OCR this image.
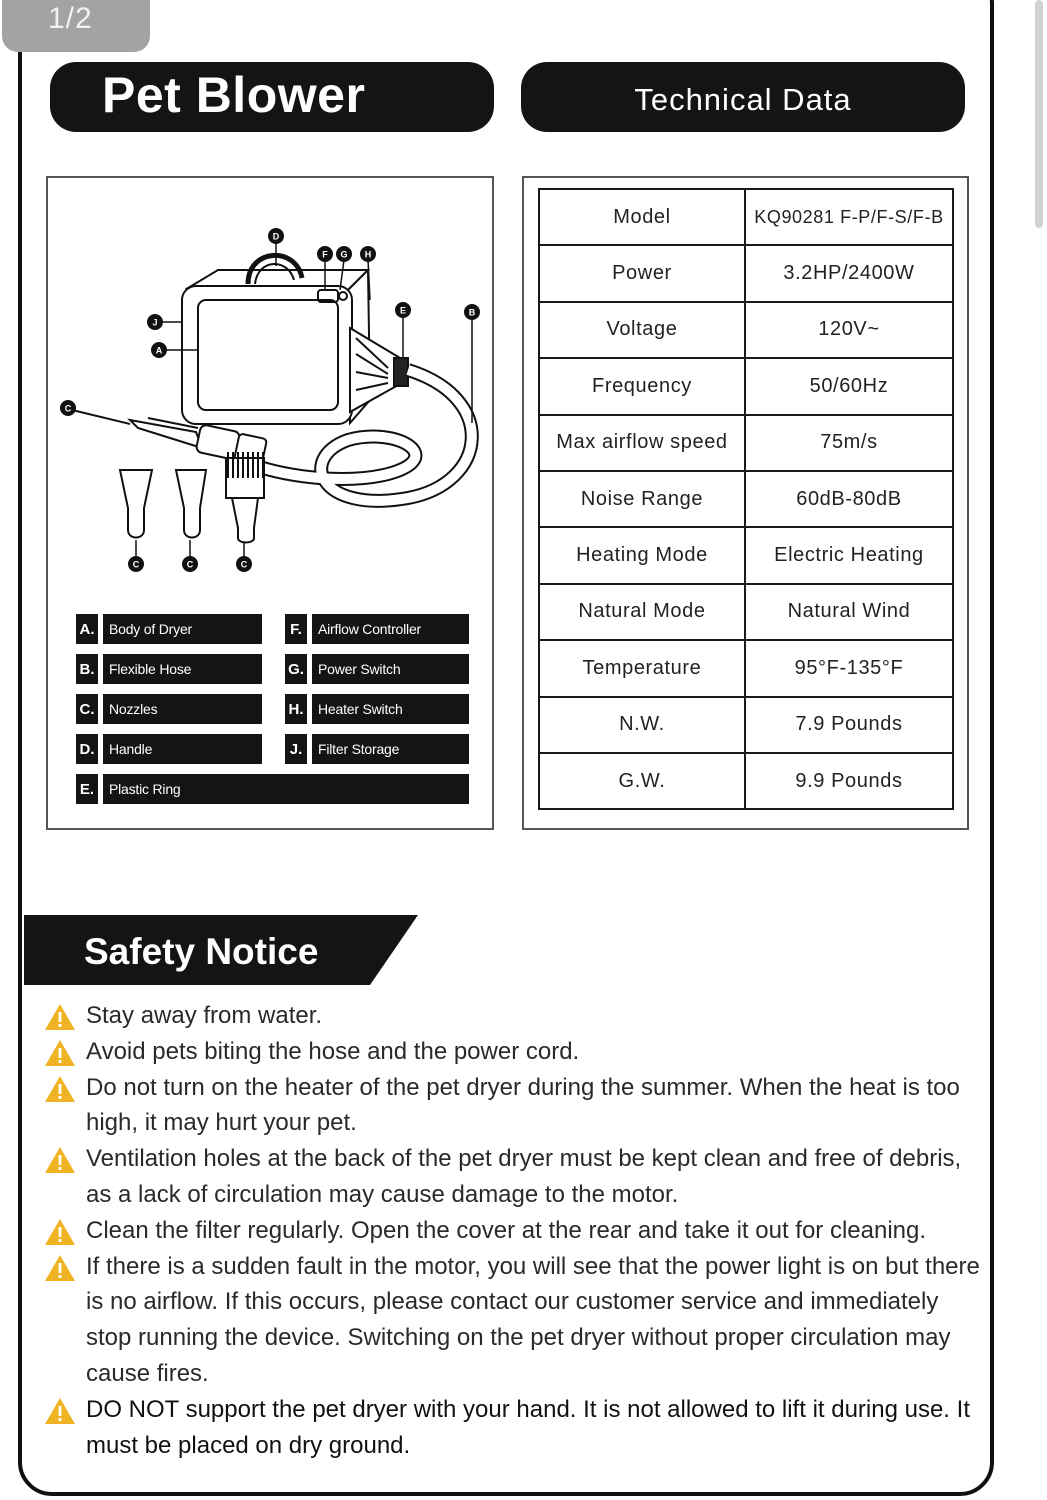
1/2
Pet Blower	Technical Data
D
F G H
J
A
E	B
C
C	C	C
A.	Body of Dryer	F.	Airflow Controller
B.	Flexible Hose	G.	Power Switch
C.	Nozzles	H.	Heater Switch
D.	Handle	J.	Filter Storage
E.	Plastic Ring
Model	KQ90281 F-P/F-S/F-B
Power	3.2HP/2400W
Voltage	120V~
Frequency	50/60Hz
Max airflow speed	75m/s
Noise Range	60dB-80dB
Heating Mode	Electric Heating
Natural Mode	Natural Wind
Temperature	95°F-135°F
N.W.	7.9 Pounds
G.W.	9.9 Pounds
Safety Notice
Stay away from water.
Avoid pets biting the hose and the power cord.
Do not turn on the heater of the pet dryer during the summer. When the heat is too high, it may hurt your pet.
Ventilation holes at the back of the pet dryer must be kept clean and free of debris, as a lack of circulation may cause damage to the motor.
Clean the filter regularly. Open the cover at the rear and take it out for cleaning.
If there is a sudden fault in the motor, you will see that the power light is on but there is no airflow. If this occurs, please contact our customer service and immediately stop running the device. Switching on the pet dryer without proper circulation may cause fires.
DO NOT support the pet dryer with your hand. It is not allowed to lift it during use. It must be placed on dry ground.
